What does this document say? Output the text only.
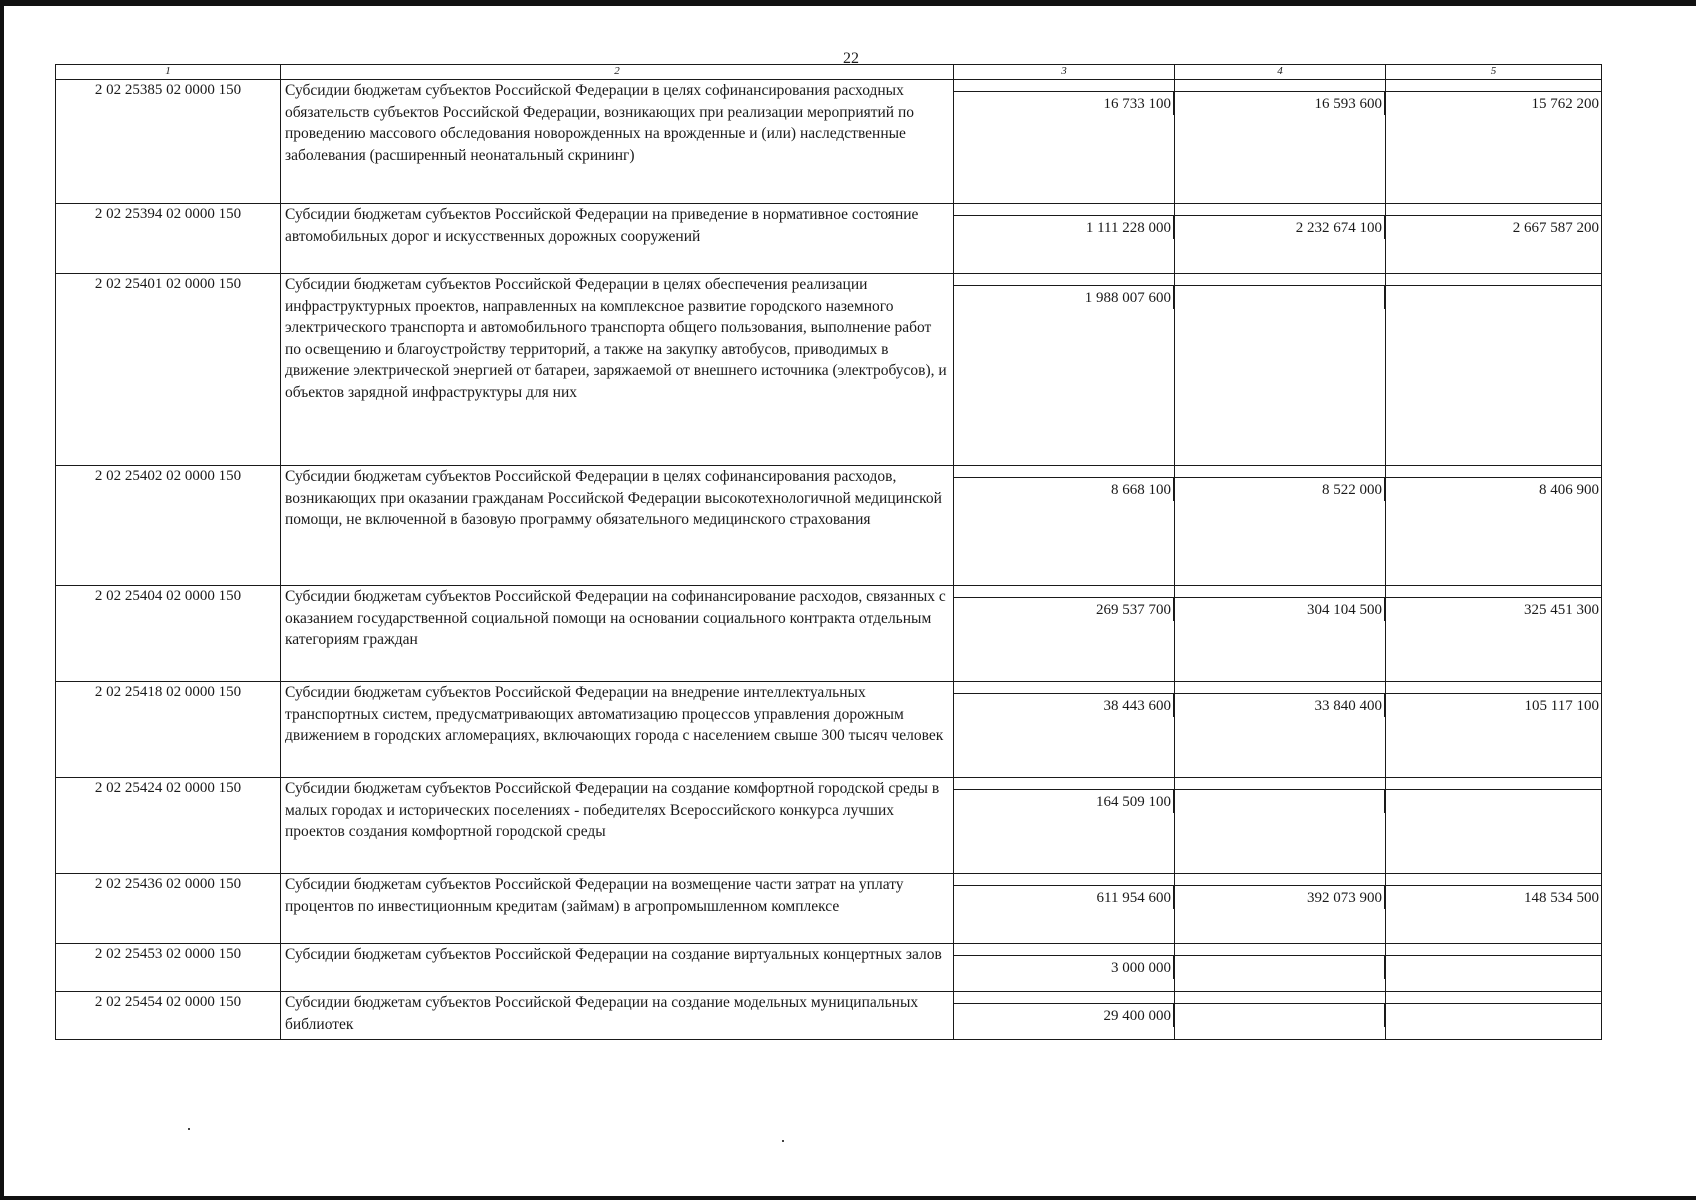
22
1	2	3	4	5
2 02 25385 02 0000 150	Субсидии бюджетам субъектов Российской Федерации в целях софинансирования расходных обязательств субъектов Российской Федерации, возникающих при реализации мероприятий по проведению массового обследования новорожденных на врожденные и (или) наследственные заболевания (расширенный неонатальный скрининг)	16 733 100	16 593 600	15 762 200

2 02 25394 02 0000 150	Субсидии бюджетам субъектов Российской Федерации на приведение в нормативное состояние автомобильных дорог и искусственных дорожных сооружений	1 111 228 000	2 232 674 100	2 667 587 200

2 02 25401 02 0000 150	Субсидии бюджетам субъектов Российской Федерации в целях обеспечения реализации инфраструктурных проектов, направленных на комплексное развитие городского наземного электрического транспорта и автомобильного транспорта общего пользования, выполнение работ по освещению и благоустройству территорий, а также на закупку автобусов, приводимых в движение электрической энергией от батареи, заряжаемой от внешнего источника (электробусов), и объектов зарядной инфраструктуры для них	1 988 007 600		

2 02 25402 02 0000 150	Субсидии бюджетам субъектов Российской Федерации в целях софинансирования расходов, возникающих при оказании гражданам Российской Федерации высокотехнологичной медицинской помощи, не включенной в базовую программу обязательного медицинского страхования	8 668 100	8 522 000	8 406 900

2 02 25404 02 0000 150	Субсидии бюджетам субъектов Российской Федерации на софинансирование расходов, связанных с оказанием государственной социальной помощи на основании социального контракта отдельным категориям граждан	269 537 700	304 104 500	325 451 300

2 02 25418 02 0000 150	Субсидии бюджетам субъектов Российской Федерации на внедрение интеллектуальных транспортных систем, предусматривающих автоматизацию процессов управления дорожным движением в городских агломерациях, включающих города с населением свыше 300 тысяч человек	38 443 600	33 840 400	105 117 100

2 02 25424 02 0000 150	Субсидии бюджетам субъектов Российской Федерации на создание комфортной городской среды в малых городах и исторических поселениях - победителях Всероссийского конкурса лучших проектов создания комфортной городской среды	164 509 100		

2 02 25436 02 0000 150	Субсидии бюджетам субъектов Российской Федерации на возмещение части затрат на уплату процентов по инвестиционным кредитам (займам) в агропромышленном комплексе	611 954 600	392 073 900	148 534 500

2 02 25453 02 0000 150	Субсидии бюджетам субъектов Российской Федерации на создание виртуальных концертных залов	3 000 000		

2 02 25454 02 0000 150	Субсидии бюджетам субъектов Российской Федерации на создание модельных муниципальных библиотек	29 400 000		
